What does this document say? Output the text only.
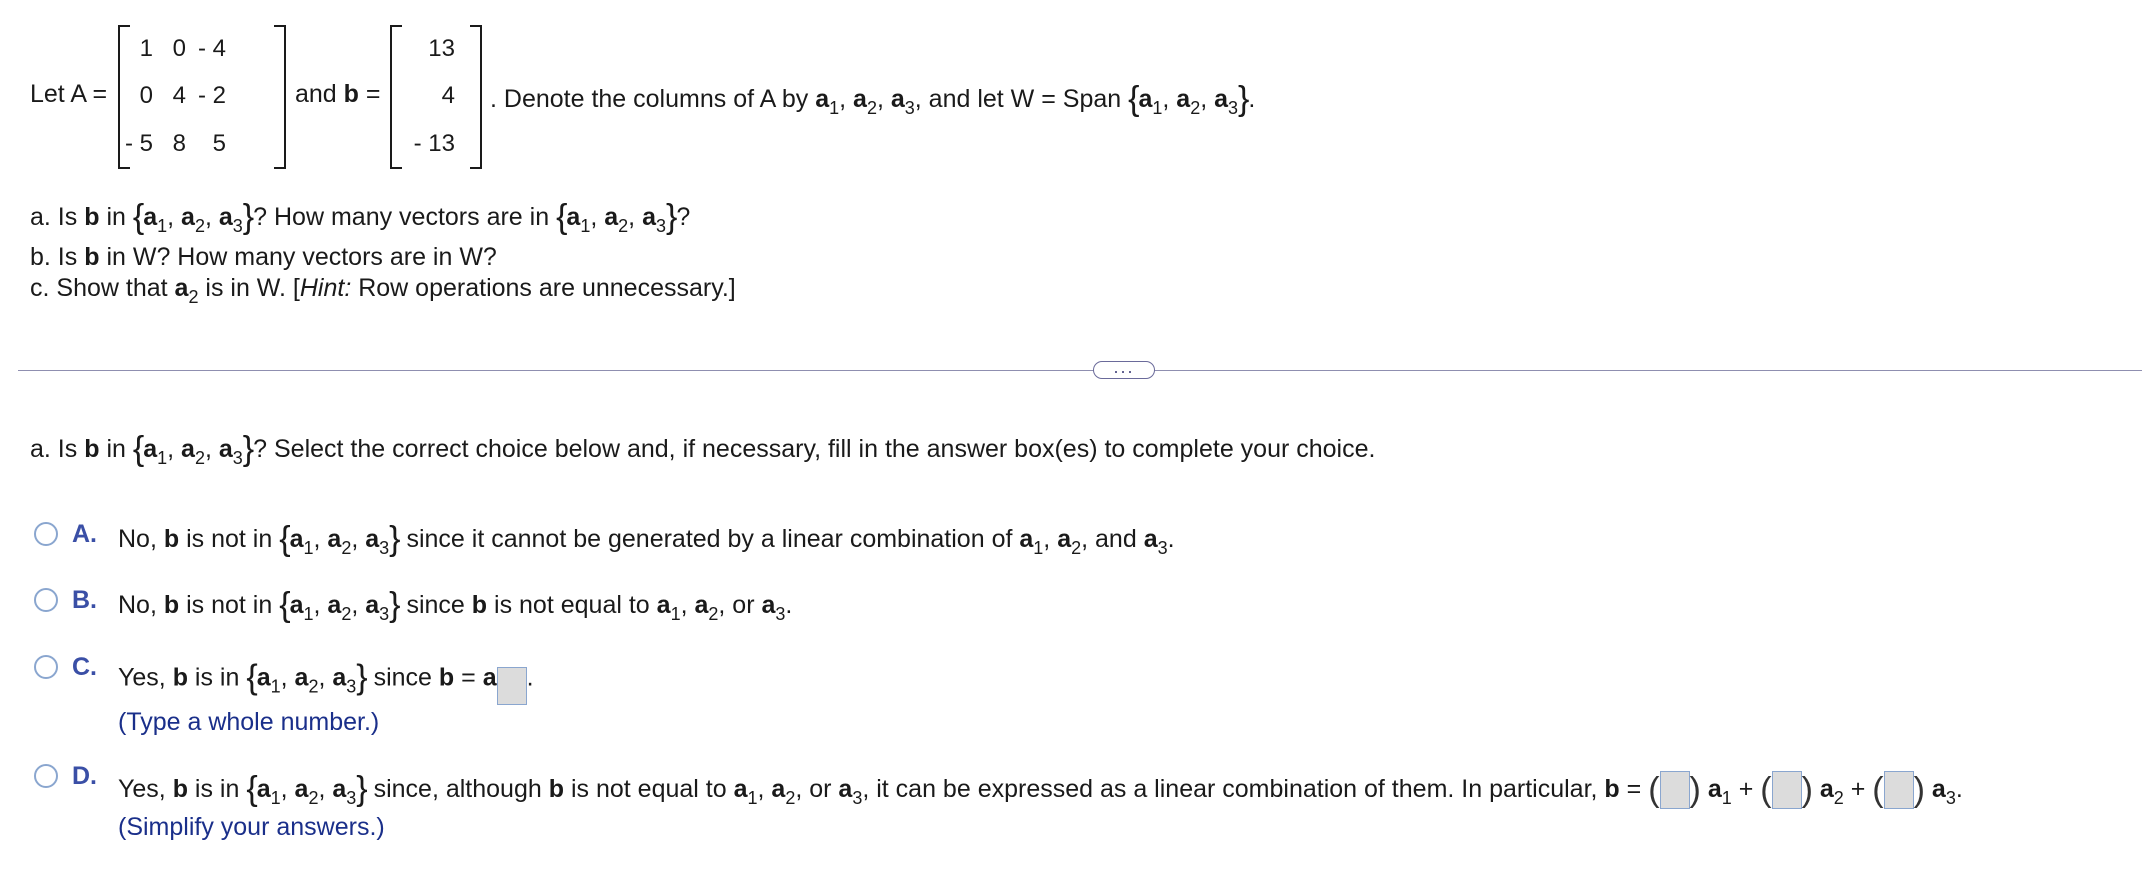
Let A =
1 0 - 4
0 4 - 2
- 5 8	5
and b =
13
4
- 13
. Denote the columns of A by $a_1$, $a_2$, $a_3$, and let W = Span {$a_1$, $a_2$, $a_3$}.
a. Is b in {$a_1$, $a_2$, $a_3$}? How many vectors are in {$a_1$, $a_2$, $a_3$}?
b. Is b in W? How many vectors are in W?
c. Show that $a_2$ is in W. [Hint: Row operations are unnecessary.]
...
a. Is b in {$a_1$, $a_2$, $a_3$}? Select the correct choice below and, if necessary, fill in the answer box(es) to complete your choice.
A. No, b is not in {$a_1$, $a_2$, $a_3$} since it cannot be generated by a linear combination of $a_1$, $a_2$, and $a_3$.
B. No, b is not in {$a_1$, $a_2$, $a_3$} since b is not equal to $a_1$, $a_2$, or $a_3$.
C. Yes, b is in {$a_1$, $a_2$, $a_3$} since b = a .
(Type a whole number.)
D. Yes, b is in {$a_1$, $a_2$, $a_3$} since, although b is not equal to $a_1$, $a_2$, or $a_3$, it can be expressed as a linear combination of them. In particular, b = ( ) $a_1$ + ( ) $a_2$ + ( ) $a_3$.
(Simplify your answers.)
